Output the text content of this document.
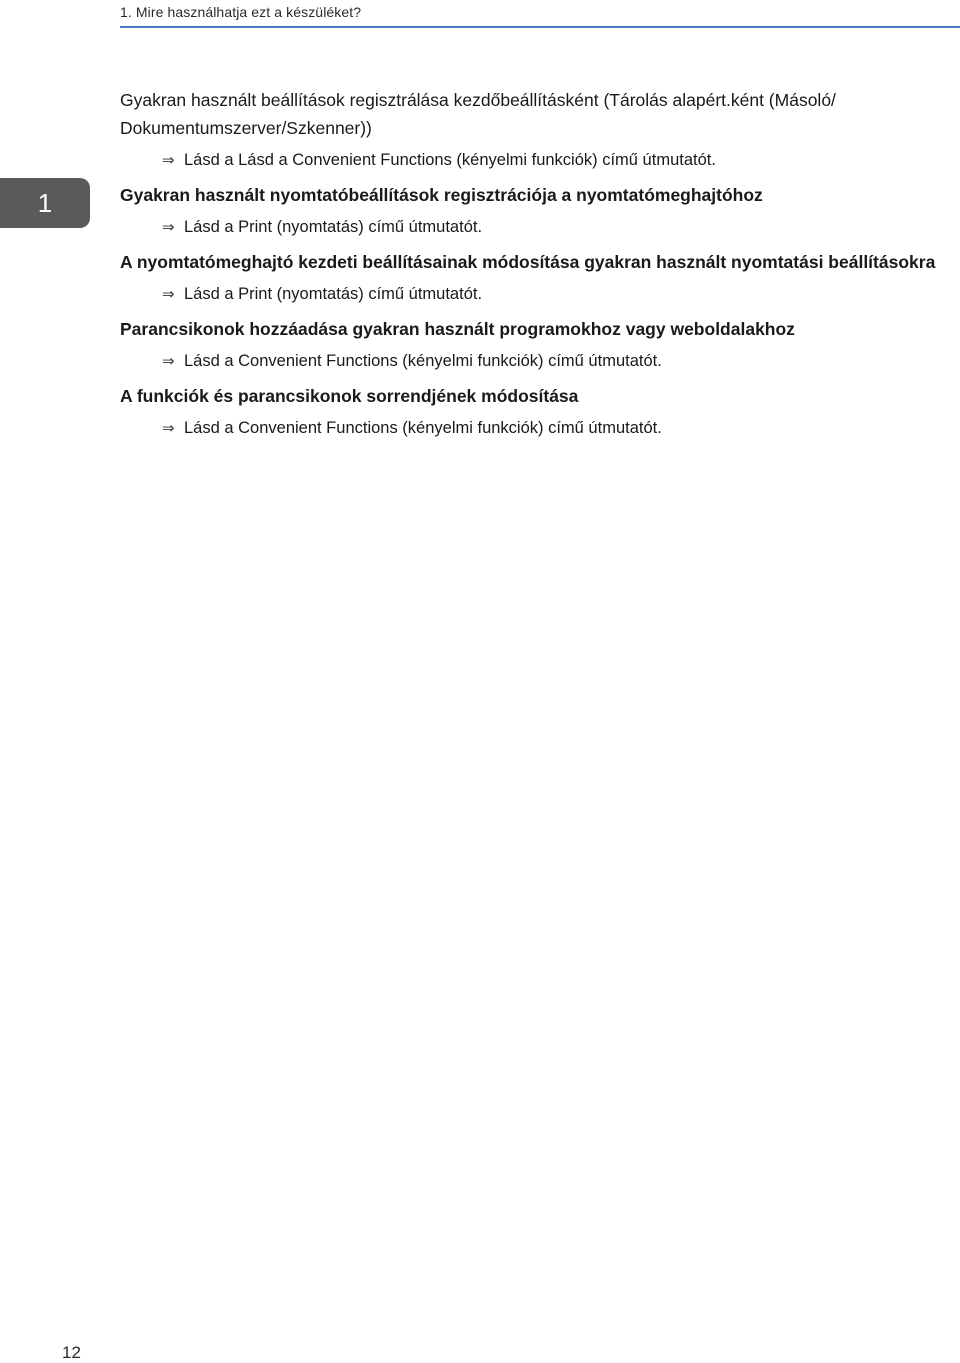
1. Mire használhatja ezt a készüléket?
1
Gyakran használt beállítások regisztrálása kezdőbeállításként (Tárolás alapért.ként (Másoló/ Dokumentumszerver/Szkenner))
⇒ Lásd a Lásd a Convenient Functions (kényelmi funkciók) című útmutatót.
Gyakran használt nyomtatóbeállítások regisztrációja a nyomtatómeghajtóhoz
⇒ Lásd a Print (nyomtatás) című útmutatót.
A nyomtatómeghajtó kezdeti beállításainak módosítása gyakran használt nyomtatási beállításokra
⇒ Lásd a Print (nyomtatás) című útmutatót.
Parancsikonok hozzáadása gyakran használt programokhoz vagy weboldalakhoz
⇒ Lásd a Convenient Functions (kényelmi funkciók) című útmutatót.
A funkciók és parancsikonok sorrendjének módosítása
⇒ Lásd a Convenient Functions (kényelmi funkciók) című útmutatót.
12
